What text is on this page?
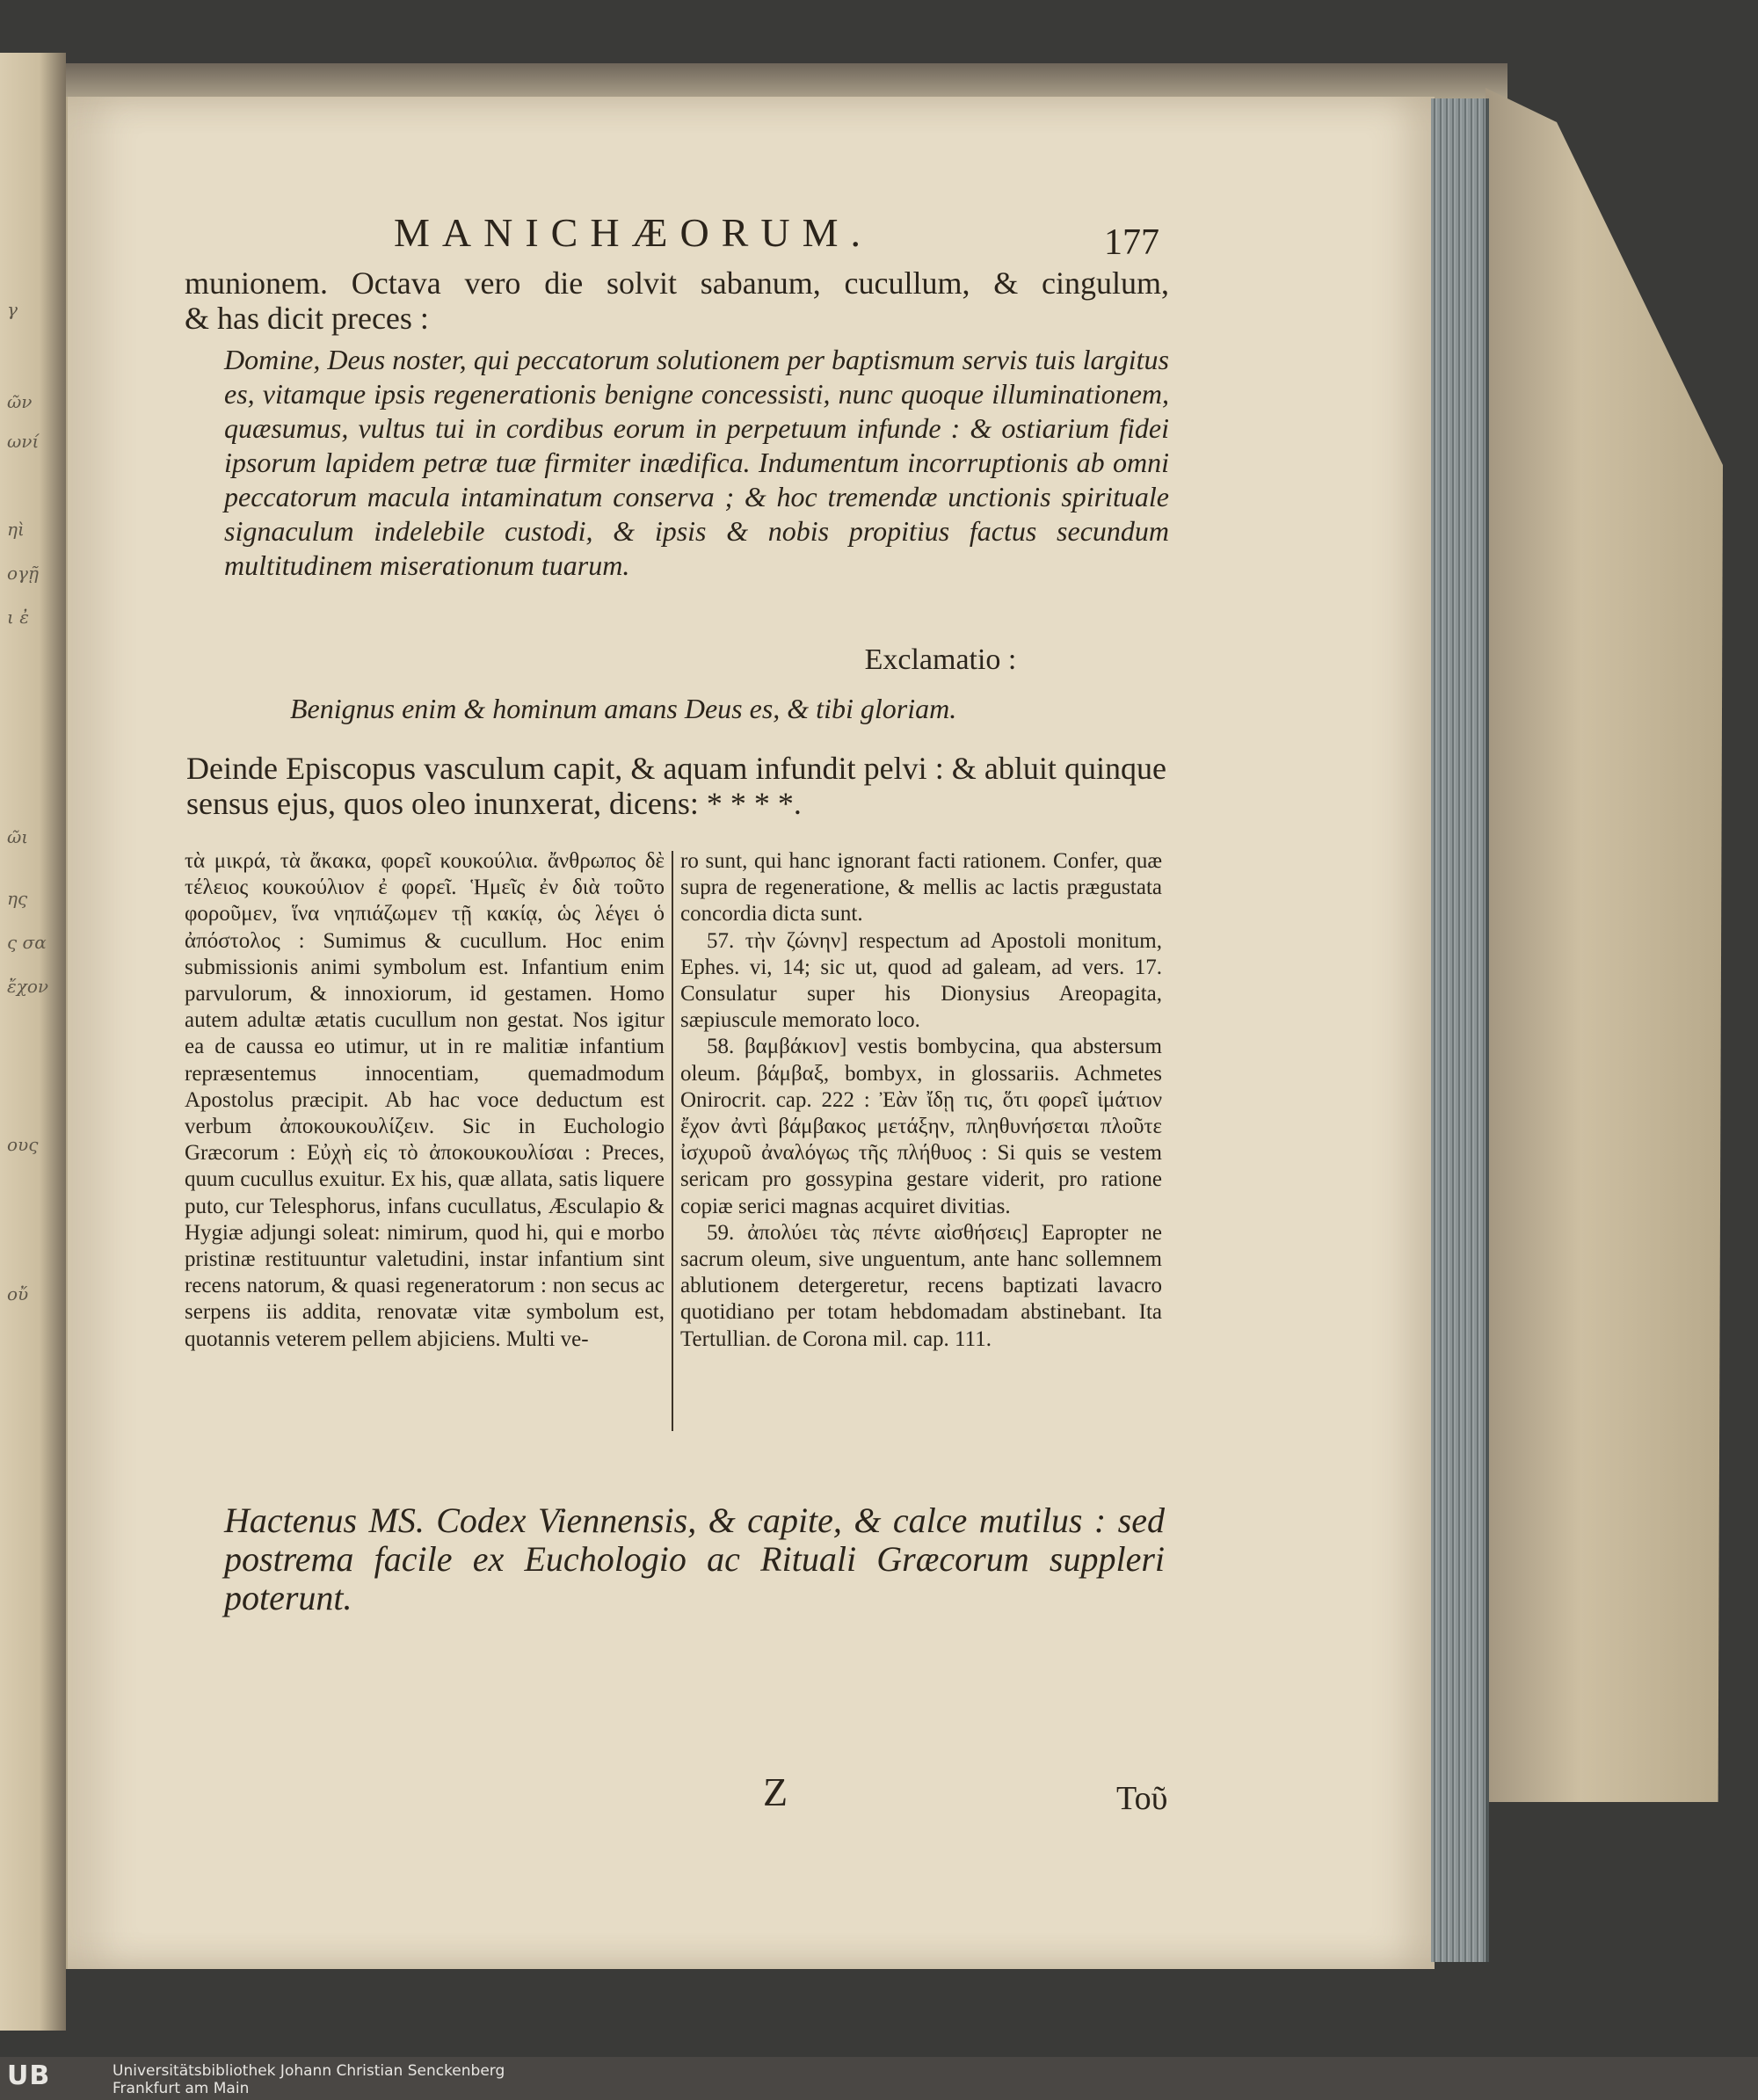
γ
ῶν
ωνί
ηὶ
ογῇ
ι ἐ
ῶι
ης
ς σα
ἔχον
ους
οὔ
MANICHÆORUM.	177
munionem. Octava vero die solvit sabanum, cucullum, & cingulum,
& has dicit preces :
Domine, Deus noster, qui peccatorum solutionem per baptismum servis tuis largitus es, vitamque ipsis regenerationis benigne concessisti, nunc quoque illuminationem, quæsumus, vultus tui in cordibus eorum in perpetuum infunde : & ostiarium fidei ipsorum lapidem petræ tuæ firmiter inædifica. Indumentum incorruptionis ab omni peccatorum macula intaminatum conserva ; & hoc tremendæ unctionis spirituale signaculum indelebile custodi, & ipsis & nobis propitius factus secundum multitudinem miserationum tuarum.
Exclamatio :
Benignus enim & hominum amans Deus es, & tibi gloriam.
Deinde Episcopus vasculum capit, & aquam infundit pelvi : & abluit quinque sensus ejus, quos oleo inunxerat, dicens: * * * *.

τὰ μικρά, τὰ ἄκακα, φορεῖ κουκούλια. ἄνθρωπος δὲ τέλειος κουκούλιον ἐ φορεῖ. Ἡμεῖς ἐν διὰ τοῦτο φοροῦμεν, ἵνα νηπιάζωμεν τῇ κακίᾳ, ὡς λέγει ὁ ἀπόστολος : Sumimus & cucullum. Hoc enim submissionis animi symbolum est. Infantium enim parvulorum, & innoxiorum, id gestamen. Homo autem adultæ ætatis cucullum non gestat. Nos igitur ea de caussa eo utimur, ut in re malitiæ infantium repræsentemus innocentiam, quemadmodum Apostolus præcipit. Ab hac voce deductum est verbum ἀποκουκουλίζειν. Sic in Euchologio Græcorum : Εὐχὴ εἰς τὸ ἀποκουκουλίσαι : Preces, quum cucullus exuitur. Ex his, quæ allata, satis liquere puto, cur Telesphorus, infans cucullatus, Æsculapio & Hygiæ adjungi soleat: nimirum, quod hi, qui e morbo pristinæ restituuntur valetudini, instar infantium sint recens natorum, & quasi regeneratorum : non secus ac serpens iis addita, renovatæ vitæ symbolum est, quotannis veterem pellem abjiciens. Multi ve-

ro sunt, qui hanc ignorant facti rationem. Confer, quæ supra de regeneratione, & mellis ac lactis prægustata concordia dicta sunt.

57. τὴν ζώνην] respectum ad Apostoli monitum, Ephes. vi, 14; sic ut, quod ad galeam, ad vers. 17. Consulatur super his Dionysius Areopagita, sæpiuscule memorato loco.

58. βαμβάκιον] vestis bombycina, qua abstersum oleum. βάμβαξ, bombyx, in glossariis. Achmetes Onirocrit. cap. 222 : Ἐὰν ἴδῃ τις, ὅτι φορεῖ ἱμάτιον ἔχον ἀντὶ βάμβακος μετάξην, πληθυνήσεται πλοῦτε ἰσχυροῦ ἀναλόγως τῆς πλήθυος : Si quis se vestem sericam pro gossypina gestare viderit, pro ratione copiæ serici magnas acquiret divitias.

59. ἀπολύει τὰς πέντε αἰσθήσεις] Eapropter ne sacrum oleum, sive unguentum, ante hanc sollemnem ablutionem detergeretur, recens baptizati lavacro quotidiano per totam hebdomadam abstinebant. Ita Tertullian. de Corona mil. cap. 111.

Hactenus MS. Codex Viennensis, & capite, & calce mutilus : sed postrema facile ex Euchologio ac Rituali Græcorum suppleri poterunt.
Z	Τοῦ
UB	Universitätsbibliothek Johann Christian Senckenberg
Frankfurt am Main
